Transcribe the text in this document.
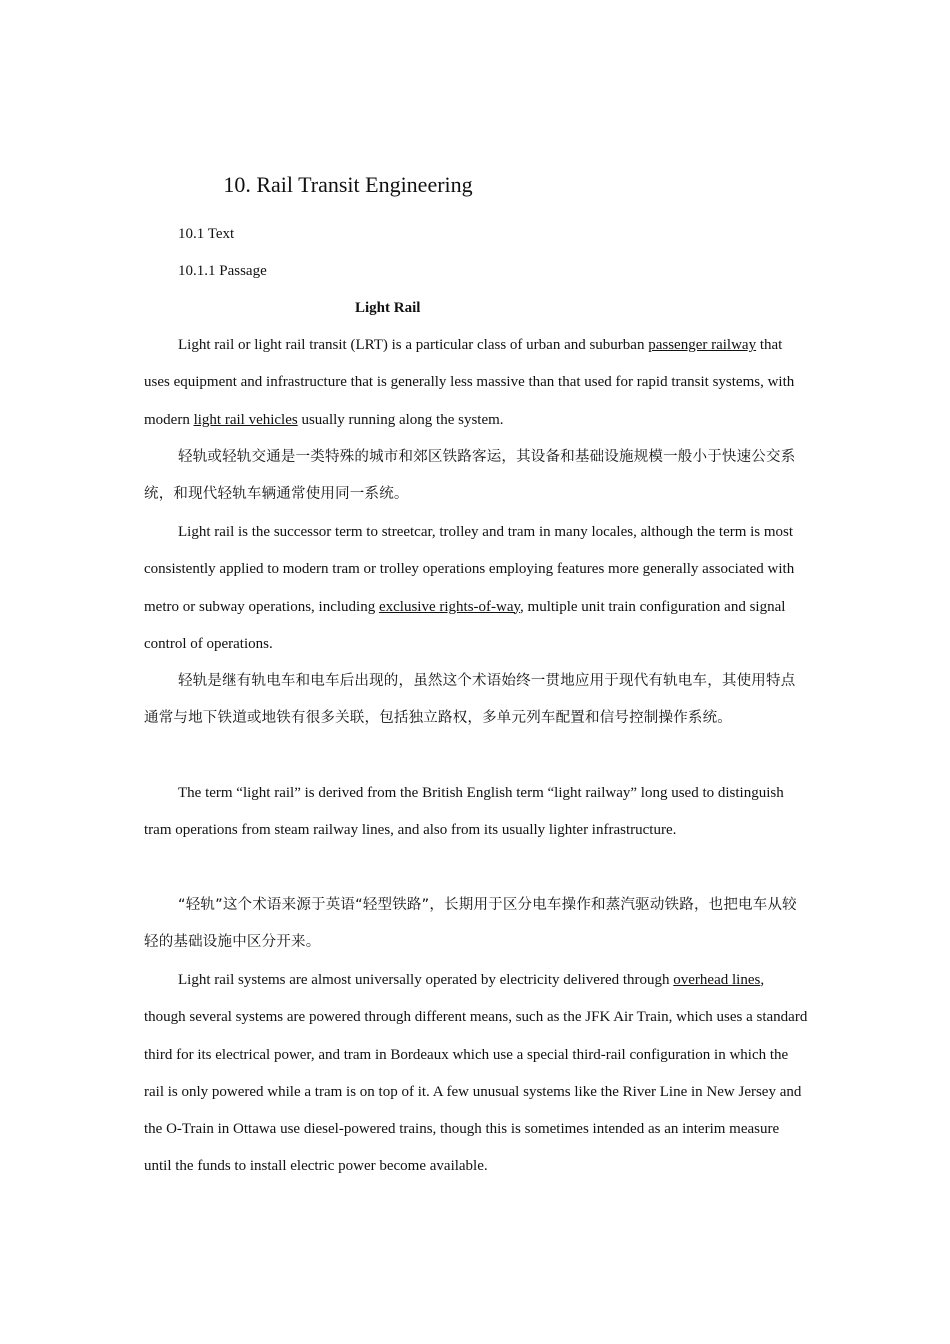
10. Rail Transit Engineering

10.1 Text

10.1.1 Passage

Light Rail

Light rail or light rail transit (LRT) is a particular class of urban and suburban passenger railway that uses equipment and infrastructure that is generally less massive than that used for rapid transit systems, with modern light rail vehicles usually running along the system.

轻轨或轻轨交通是一类特殊的城市和郊区铁路客运，其设备和基础设施规模一般小于快速公交系统，和现代轻轨车辆通常使用同一系统。

Light rail is the successor term to streetcar, trolley and tram in many locales, although the term is most consistently applied to modern tram or trolley operations employing features more generally associated with metro or subway operations, including exclusive rights-of-way, multiple unit train configuration and signal control of operations.

轻轨是继有轨电车和电车后出现的，虽然这个术语始终一贯地应用于现代有轨电车，其使用特点通常与地下铁道或地铁有很多关联，包括独立路权，多单元列车配置和信号控制操作系统。

The term “light rail” is derived from the British English term “light railway” long used to distinguish tram operations from steam railway lines, and also from its usually lighter infrastructure.

“轻轨”这个术语来源于英语“轻型铁路”，长期用于区分电车操作和蒸汽驱动铁路，也把电车从较轻的基础设施中区分开来。

Light rail systems are almost universally operated by electricity delivered through overhead lines, though several systems are powered through different means, such as the JFK Air Train, which uses a standard third for its electrical power, and tram in Bordeaux which use a special third-rail configuration in which the rail is only powered while a tram is on top of it. A few unusual systems like the River Line in New Jersey and the O-Train in Ottawa use diesel-powered trains, though this is sometimes intended as an interim measure until the funds to install electric power become available.
